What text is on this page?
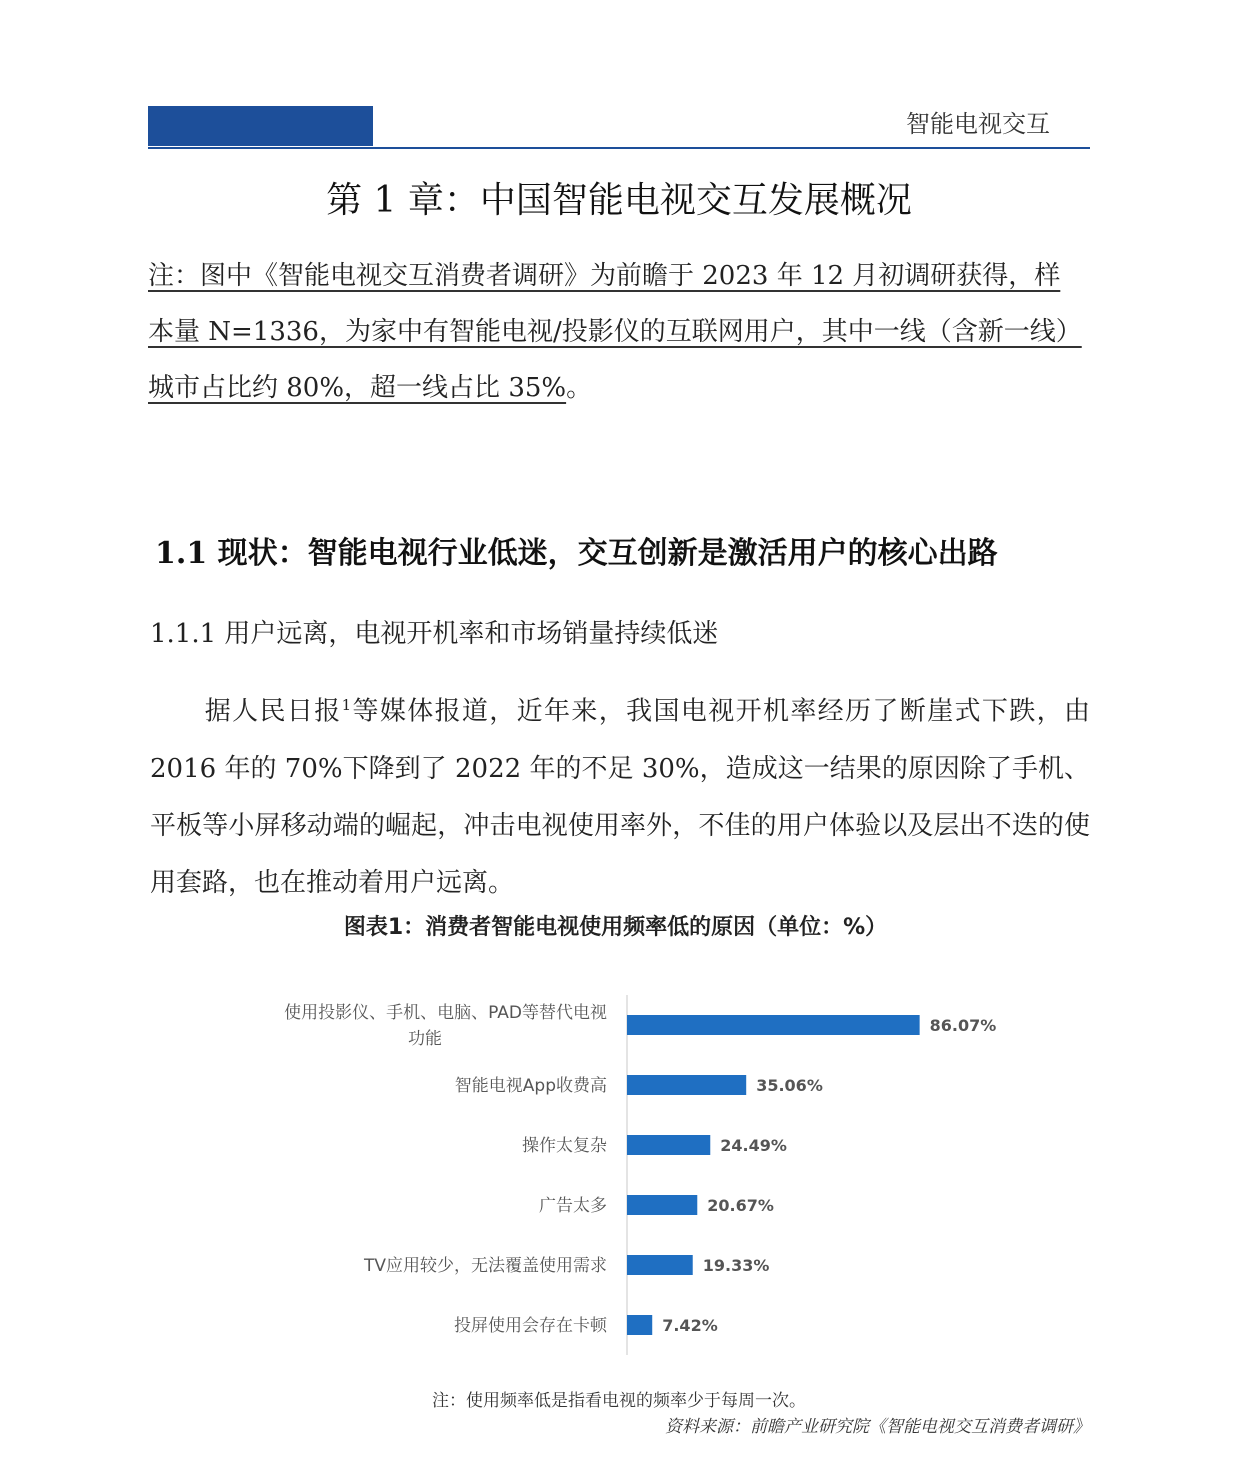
智能电视交互
第 1 章：中国智能电视交互发展概况
注：图中《智能电视交互消费者调研》为前瞻于 2023 年 12 月初调研获得，样本量 N=1336，为家中有智能电视/投影仪的互联网用户，其中一线（含新一线）城市占比约 80%，超一线占比 35%。
1.1 现状：智能电视行业低迷，交互创新是激活用户的核心出路
1.1.1 用户远离，电视开机率和市场销量持续低迷
　　据人民日报$^1$等媒体报道，近年来，我国电视开机率经历了断崖式下跌，由 2016 年的 70%下降到了 2022 年的不足 30%，造成这一结果的原因除了手机、平板等小屏移动端的崛起，冲击电视使用率外，不佳的用户体验以及层出不迭的使用套路，也在推动着用户远离。
图表1：消费者智能电视使用频率低的原因（单位：%）
86.07%
使用投影仪、手机、电脑、PAD等替代电视
功能
35.06%
智能电视App收费高
24.49%
操作太复杂
20.67%
广告太多
19.33%
TV应用较少，无法覆盖使用需求
7.42%
投屏使用会存在卡顿
注：使用频率低是指看电视的频率少于每周一次。
资料来源：前瞻产业研究院《智能电视交互消费者调研》
